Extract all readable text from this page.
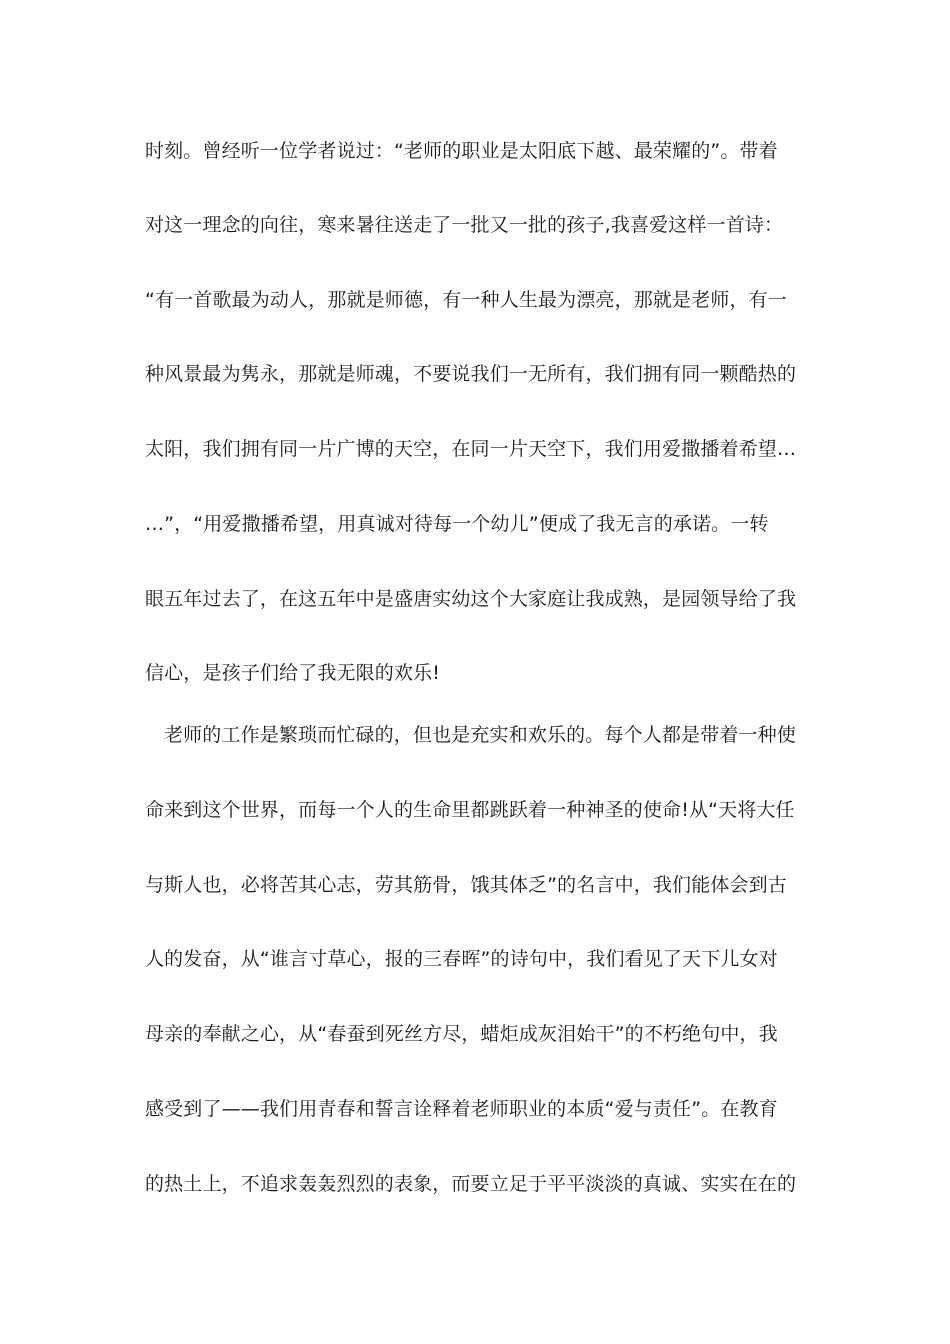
时刻。曾经听一位学者说过：“老师的职业是太阳底下越、最荣耀的”。带着
对这一理念的向往，寒来暑往送走了一批又一批的孩子,我喜爱这样一首诗：
“有一首歌最为动人，那就是师德，有一种人生最为漂亮，那就是老师，有一
种风景最为隽永，那就是师魂，不要说我们一无所有，我们拥有同一颗酷热的
太阳，我们拥有同一片广博的天空，在同一片天空下，我们用爱撒播着希望…
…”，“用爱撒播希望，用真诚对待每一个幼儿”便成了我无言的承诺。一转
眼五年过去了，在这五年中是盛唐实幼这个大家庭让我成熟，是园领导给了我
信心，是孩子们给了我无限的欢乐!
老师的工作是繁琐而忙碌的，但也是充实和欢乐的。每个人都是带着一种使
命来到这个世界，而每一个人的生命里都跳跃着一种神圣的使命!从“天将大任
与斯人也，必将苦其心志，劳其筋骨，饿其体乏”的名言中，我们能体会到古
人的发奋，从“谁言寸草心，报的三春晖”的诗句中，我们看见了天下儿女对
母亲的奉献之心，从“春蚕到死丝方尽，蜡炬成灰泪始干”的不朽绝句中，我
感受到了——我们用青春和誓言诠释着老师职业的本质“爱与责任”。在教育
的热土上，不追求轰轰烈烈的表象，而要立足于平平淡淡的真诚、实实在在的
